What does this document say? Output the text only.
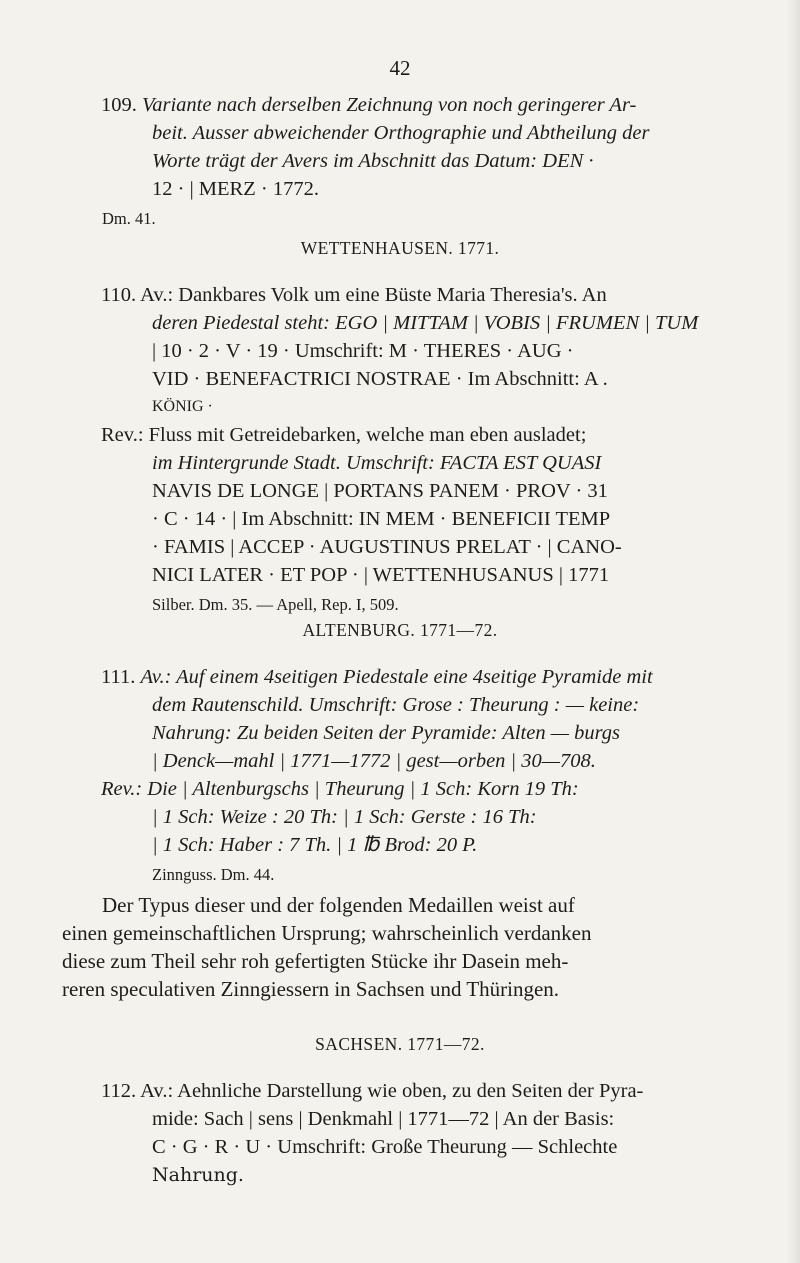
42

109. Variante nach derselben Zeichnung von noch geringerer Ar-

beit. Ausser abweichender Orthographie und Abtheilung der
Worte trägt der Avers im Abschnitt das Datum: DEN ·
12 · | MERZ · 1772.
Dm. 41.
WETTENHAUSEN. 1771.
110. Av.: Dankbares Volk um eine Büste Maria Theresia's. An
deren Piedestal steht: EGO | MITTAM | VOBIS | FRUMEN | TUM
| 10 · 2 · V · 19 · Umschrift: M · THERES · AUG ·
VID · BENEFACTRICI NOSTRAE · Im Abschnitt: A .
KÖNIG ·
Rev.: Fluss mit Getreidebarken, welche man eben ausladet;
im Hintergrunde Stadt. Umschrift: FACTA EST QUASI
NAVIS DE LONGE | PORTANS PANEM · PROV · 31
· C · 14 · | Im Abschnitt: IN MEM · BENEFICII TEMP
· FAMIS | ACCEP · AUGUSTINUS PRELAT · | CANO-
NICI LATER · ET POP · | WETTENHUSANUS | 1771
Silber. Dm. 35. — Apell, Rep. I, 509.
ALTENBURG. 1771—72.
111. Av.: Auf einem 4seitigen Piedestale eine 4seitige Pyramide mit
dem Rautenschild. Umschrift: Grose : Theurung : — keine:
Nahrung: Zu beiden Seiten der Pyramide: Alten — burgs
| Denck—mahl | 1771—1772 | gest—orben | 30—708.
Rev.: Die | Altenburgschs | Theurung | 1 Sch: Korn 19 Th:
| 1 Sch: Weize : 20 Th: | 1 Sch: Gerste : 16 Th:
| 1 Sch: Haber : 7 Th. | 1 ℔ Brod: 20 P.
Zinnguss. Dm. 44.
Der Typus dieser und der folgenden Medaillen weist auf
einen gemeinschaftlichen Ursprung; wahrscheinlich verdanken
diese zum Theil sehr roh gefertigten Stücke ihr Dasein meh-
reren speculativen Zinngiessern in Sachsen und Thüringen.
SACHSEN. 1771—72.
112. Av.: Aehnliche Darstellung wie oben, zu den Seiten der Pyra-
mide: Sach | sens | Denkmahl | 1771—72 | An der Basis:
C · G · R · U · Umschrift: Große Theurung — Schlechte
Nahrung.
